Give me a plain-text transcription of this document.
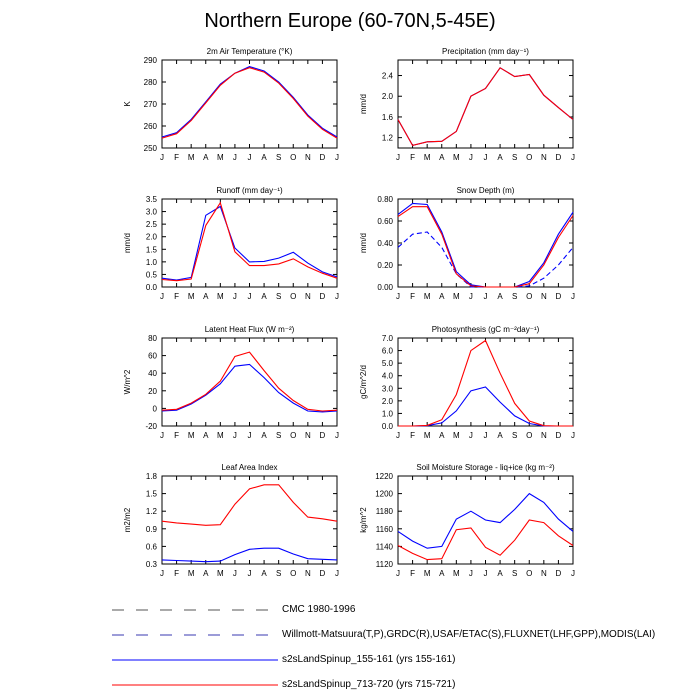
Northern Europe (60-70N,5-45E)
2m Air Temperature (°K)
250
260
270
280
290
J F M A M J J A S O N D J
K
Precipitation (mm day⁻¹)
1.2
1.6
2.0
2.4
J F M A M J J A S O N D J
mm/d
Runoff (mm day⁻¹)
0.0
0.5
1.0
1.5
2.0
2.5
3.0
3.5
J F M A M J J A S O N D J
mm/d
Snow Depth (m)
0.00
0.20
0.40
0.60
0.80
J F M A M J J A S O N D J
mm/d
Latent Heat Flux (W m⁻²)
-20
0
20
40
60
80
J F M A M J J A S O N D J
W/m^2
Photosynthesis (gC m⁻²day⁻¹)
0.0
1.0
2.0
3.0
4.0
5.0
6.0
7.0
J F M A M J J A S O N D J
gC/m^2/d
Leaf Area Index
0.3
0.6
0.9
1.2
1.5
1.8
J F M A M J J A S O N D J
m2/m2
Soil Moisture Storage - liq+ice (kg m⁻²)
1120
1140
1160
1180
1200
1220
J F M A M J J A S O N D J
kg/m^2
CMC 1980-1996
Willmott-Matsuura(T,P),GRDC(R),USAF/ETAC(S),FLUXNET(LHF,GPP),MODIS(LAI)
s2sLandSpinup_155-161 (yrs 155-161)
s2sLandSpinup_713-720 (yrs 715-721)
